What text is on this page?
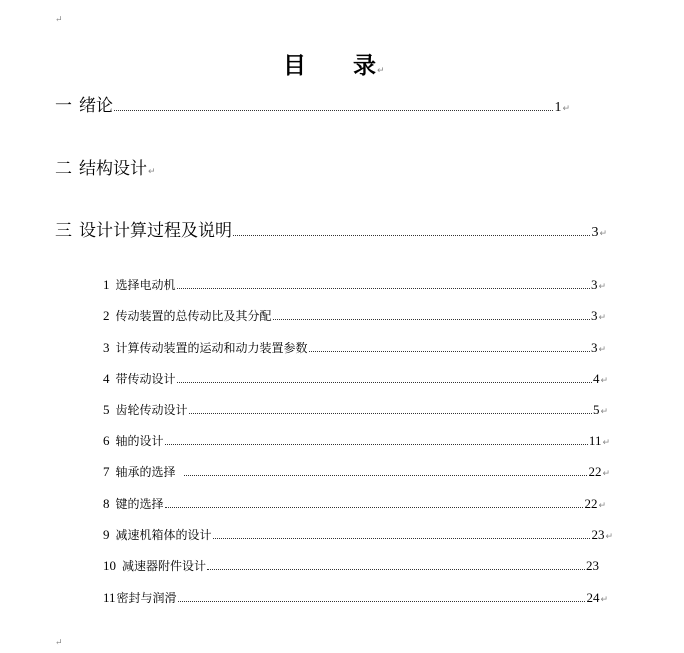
↵
目 录↵
一 绪论	1 ↵
二 结构设计 ↵
三 设计计算过程及说明	3 ↵
1 选择电动机	3 ↵
2 传动装置的总传动比及其分配	3 ↵
3 计算传动装置的运动和动力装置参数	3 ↵
4 带传动设计	4 ↵
5 齿轮传动设计	5 ↵
6 轴的设计	11 ↵
7 轴承的选择	22 ↵
8 键的选择	22 ↵
9 减速机箱体的设计	23 ↵
10 减速器附件设计	23
11 密封与润滑	24 ↵
↵
